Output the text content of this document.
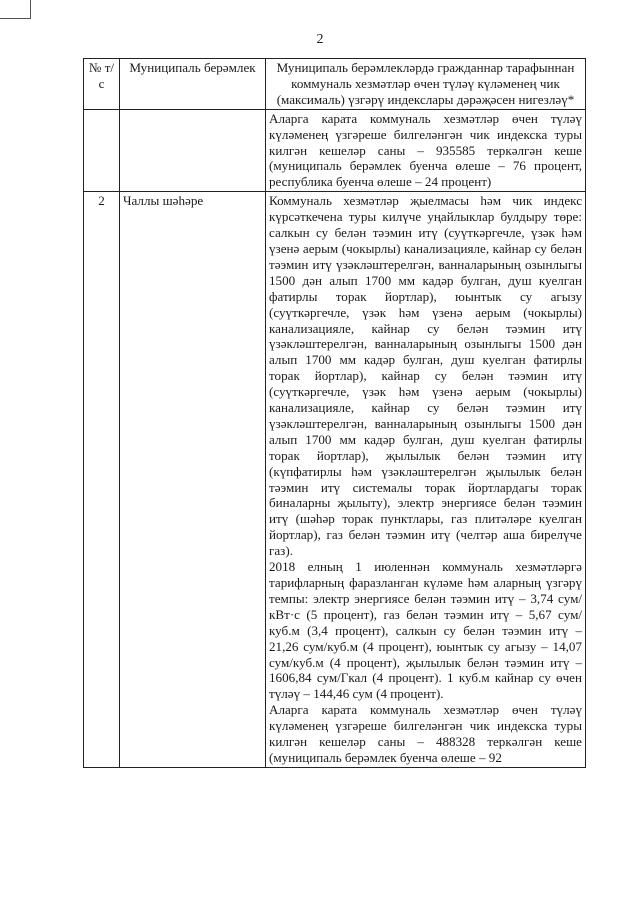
2
№ т/с	Муниципаль берәмлек	Муниципаль берәмлекләрдә гражданнар тарафыннан коммуналь хезмәтләр өчен түләү күләменең чик (максималь) үзгәрү индекслары дәрәҗәсен нигезләү*

		Аларга карата коммуналь хезмәтләр өчен түләү күләменең үзгәреше билгеләнгән чик индекска туры килгән кешеләр саны – 935585 теркәлгән кеше (муниципаль берәмлек буенча өлеше – 76 процент, республика буенча өлеше – 24 процент)

2	Чаллы шәһәре	Коммуналь хезмәтләр җыелмасы һәм чик индекс күрсәткечена туры килүче уңайлыклар булдыру төре: салкын су белән тәэмин итү (суүткәргечле, үзәк һәм үзенә аерым (чокырлы) канализацияле, кайнар су белән тәэмин итү үзәкләштерелгән, ванналарының озынлыгы 1500 дән алып 1700 мм кадәр булган, душ куелган фатирлы торак йортлар), юынтык су агызу (суүткәргечле, үзәк һәм үзенә аерым (чокырлы) канализацияле, кайнар су белән тәэмин итү үзәкләштерелгән, ванналарының озынлыгы 1500 дән алып 1700 мм кадәр булган, душ куелган фатирлы торак йортлар), кайнар су белән тәэмин итү (суүткәргечле, үзәк һәм үзенә аерым (чокырлы) канализацияле, кайнар су белән тәэмин итү үзәкләштерелгән, ванналарының озынлыгы 1500 дән алып 1700 мм кадәр булган, душ куелган фатирлы торак йортлар), җылылык белән тәэмин итү (күпфатирлы һәм үзәкләштерелгән җылылык белән тәэмин итү системалы торак йортлардагы торак биналарны җылыту), электр энергиясе белән тәэмин итү (шәһәр торак пунктлары, газ плитәләре куелган йортлар), газ белән тәэмин итү (челтәр аша бирелүче газ).

2018 елның 1 июленнән коммуналь хезмәтләргә тарифларның фаразланган күләме һәм аларның үзгәрү темпы: электр энергиясе белән тәэмин итү – 3,74 сум/кВт·с (5 процент), газ белән тәэмин итү – 5,67 сум/куб.м (3,4 процент), салкын су белән тәэмин итү – 21,26 сум/куб.м (4 процент), юынтык су агызу – 14,07 сум/куб.м (4 процент), җылылык белән тәэмин итү – 1606,84 сум/Гкал (4 процент). 1 куб.м кайнар су өчен түләү – 144,46 сум (4 процент).

Аларга карата коммуналь хезмәтләр өчен түләү күләменең үзгәреше билгеләнгән чик индекска туры килгән кешеләр саны – 488328 теркәлгән кеше (муниципаль берәмлек буенча өлеше – 92
